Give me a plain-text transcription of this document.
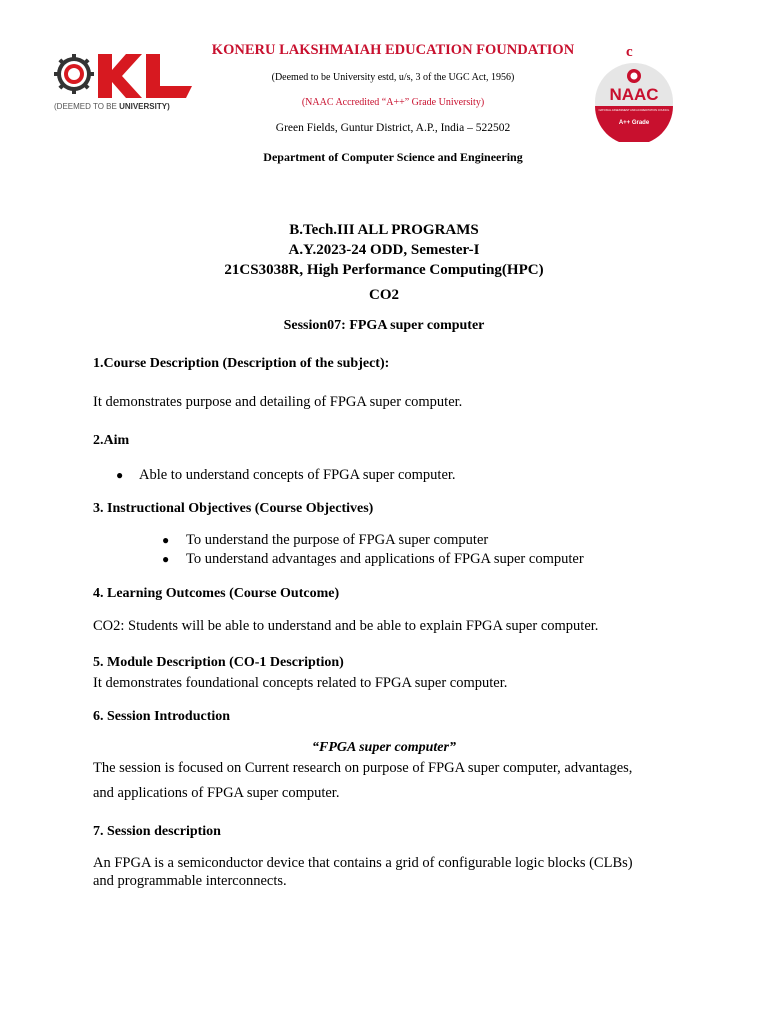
(DEEMED TO BE UNIVERSITY)
c
NAAC
NATIONAL ASSESSMENT AND ACCREDITATION COUNCIL
A++ Grade
KONERU LAKSHMAIAH EDUCATION FOUNDATION
(Deemed to be University estd, u/s, 3 of the UGC Act, 1956)
(NAAC Accredited “A++” Grade University)
Green Fields, Guntur District, A.P., India – 522502
Department of Computer Science and Engineering
B.Tech.III ALL PROGRAMS
A.Y.2023-24 ODD, Semester-I
21CS3038R, High Performance Computing(HPC)
CO2
Session07: FPGA super computer
1.Course Description (Description of the subject):
It demonstrates purpose and detailing of FPGA super computer.
2.Aim
● Able to understand concepts of FPGA super computer.
3. Instructional Objectives (Course Objectives)
● To understand the purpose of FPGA super computer
● To understand advantages and applications of FPGA super computer
4. Learning Outcomes (Course Outcome)
CO2: Students will be able to understand and be able to explain FPGA super computer.
5. Module Description (CO-1 Description)
It demonstrates foundational concepts related to FPGA super computer.
6. Session Introduction
“FPGA super computer”
The session is focused on Current research on purpose of FPGA super computer, advantages,
and applications of FPGA super computer.
7. Session description
An FPGA is a semiconductor device that contains a grid of configurable logic blocks (CLBs)
and programmable interconnects.
